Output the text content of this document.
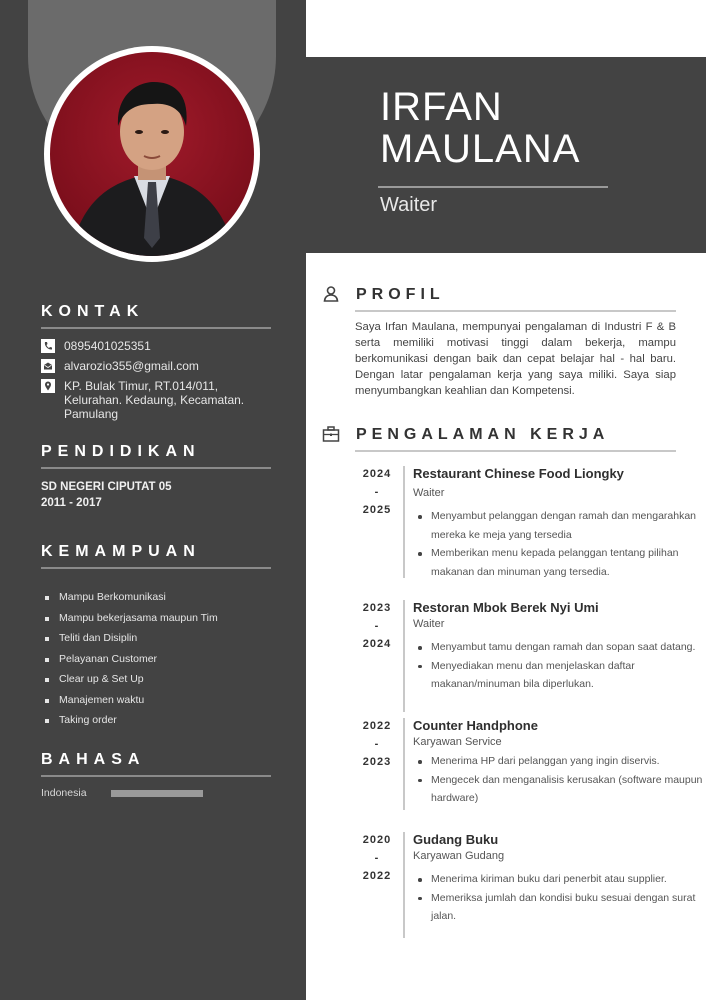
KONTAK
0895401025351
alvarozio355@gmail.com
KP. Bulak Timur, RT.014/011, Kelurahan. Kedaung, Kecamatan. Pamulang
PENDIDIKAN
SD NEGERI CIPUTAT 05
2011 - 2017
KEMAMPUAN
Mampu Berkomunikasi
Mampu bekerjasama maupun Tim
Teliti dan Disiplin
Pelayanan Customer
Clear up & Set Up
Manajemen waktu
Taking order
BAHASA
Indonesia
IRFAN
MAULANA
Waiter
PROFIL

Saya Irfan Maulana, mempunyai pengalaman di Industri F & B serta memiliki motivasi tinggi dalam bekerja, mampu berkomunikasi dengan baik dan cepat belajar hal - hal baru. Dengan latar pengalaman kerja yang saya miliki. Saya siap menyumbangkan keahlian dan Kompetensi.

PENGALAMAN KERJA
2024
-
2025
Restaurant Chinese Food Liongky
Waiter
Menyambut pelanggan dengan ramah dan mengarahkan mereka ke meja yang tersedia
Memberikan menu kepada pelanggan tentang pilihan makanan dan minuman yang tersedia.
2023
-
2024
Restoran Mbok Berek Nyi Umi
Waiter
Menyambut tamu dengan ramah dan sopan saat datang.
Menyediakan menu dan menjelaskan daftar makanan/minuman bila diperlukan.
2022
-
2023
Counter Handphone
Karyawan Service
Menerima HP dari pelanggan yang ingin diservis.
Mengecek dan menganalisis kerusakan (software maupun hardware)
2020
-
2022
Gudang Buku
Karyawan Gudang
Menerima kiriman buku dari penerbit atau supplier.
Memeriksa jumlah dan kondisi buku sesuai dengan surat jalan.
